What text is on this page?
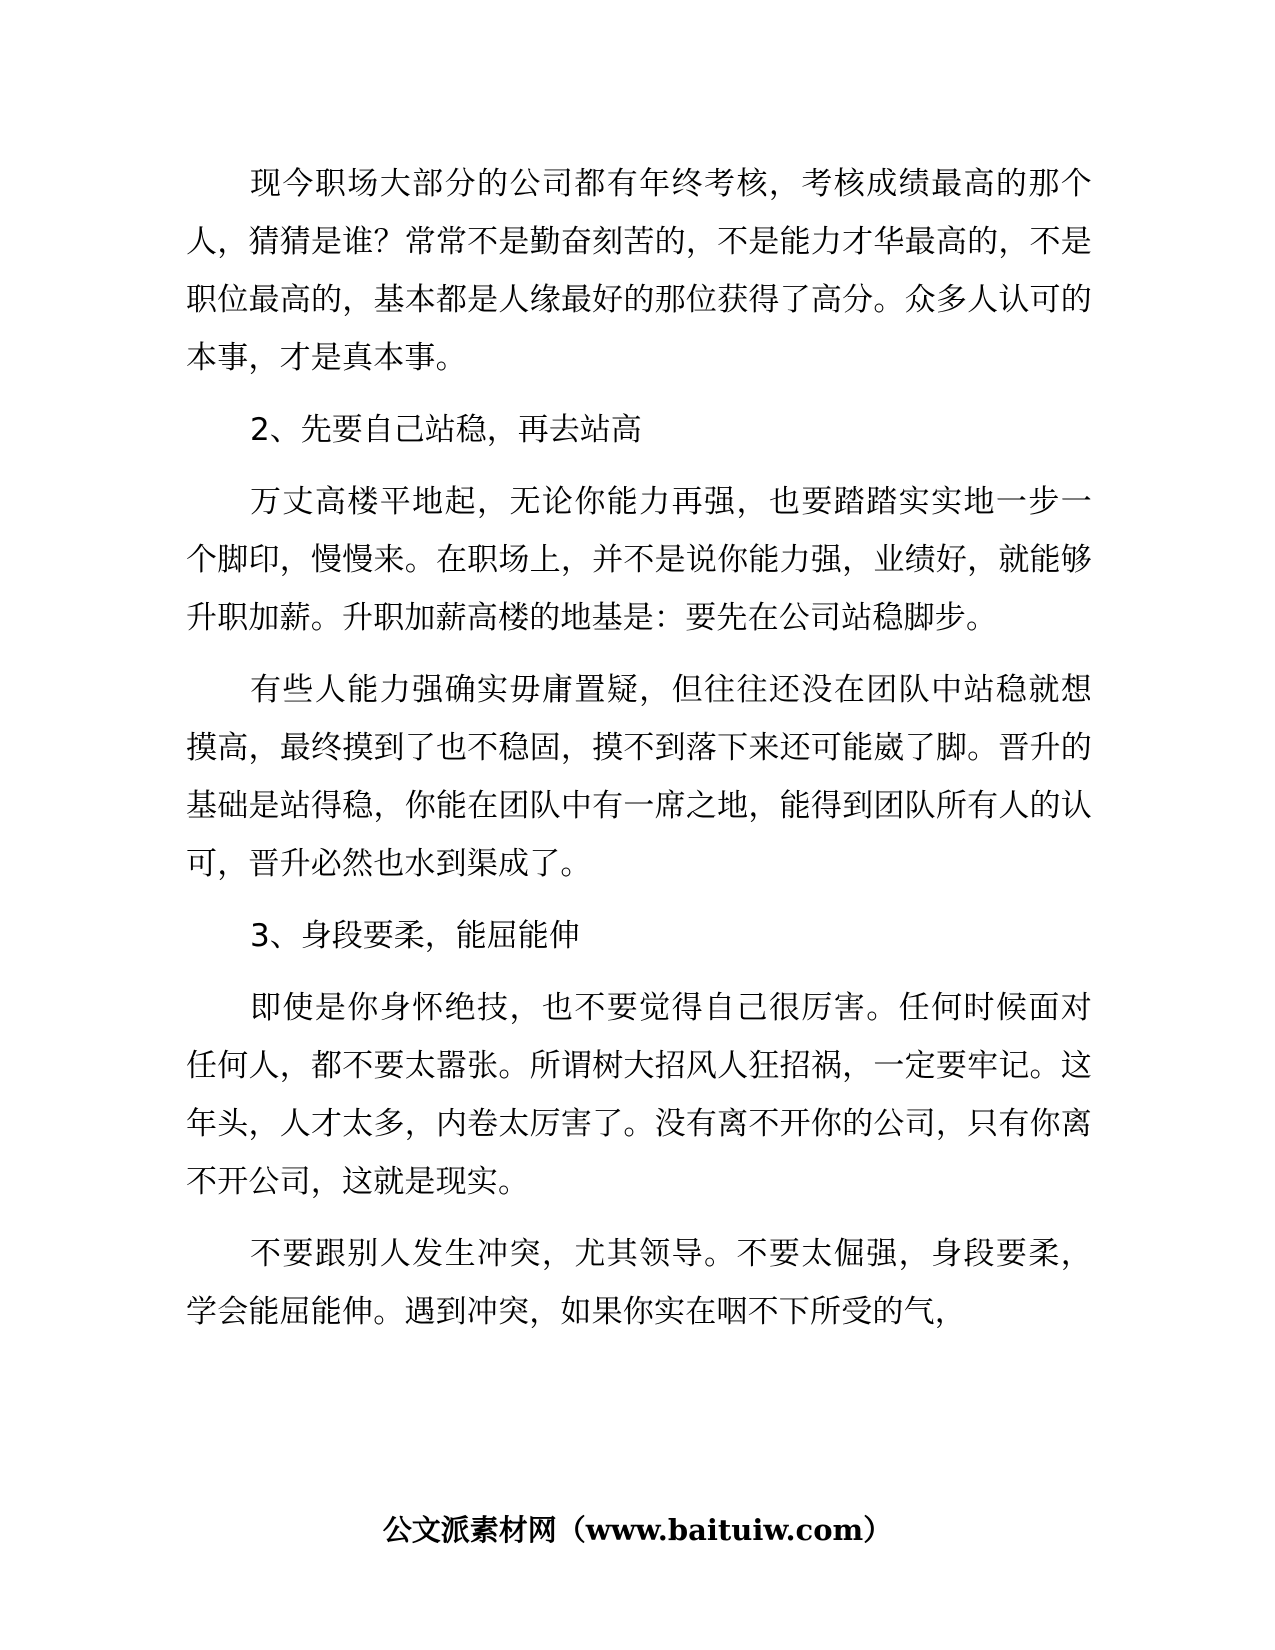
现今职场大部分的公司都有年终考核，考核成绩最高的那个人，猜猜是谁？常常不是勤奋刻苦的，不是能力才华最高的，不是职位最高的，基本都是人缘最好的那位获得了高分。众多人认可的本事，才是真本事。

2、先要自己站稳，再去站高

万丈高楼平地起，无论你能力再强，也要踏踏实实地一步一个脚印，慢慢来。在职场上，并不是说你能力强，业绩好，就能够升职加薪。升职加薪高楼的地基是：要先在公司站稳脚步。

有些人能力强确实毋庸置疑，但往往还没在团队中站稳就想摸高，最终摸到了也不稳固，摸不到落下来还可能崴了脚。晋升的基础是站得稳，你能在团队中有一席之地，能得到团队所有人的认可，晋升必然也水到渠成了。

3、身段要柔，能屈能伸

即使是你身怀绝技，也不要觉得自己很厉害。任何时候面对任何人，都不要太嚣张。所谓树大招风人狂招祸，一定要牢记。这年头，人才太多，内卷太厉害了。没有离不开你的公司，只有你离不开公司，这就是现实。

不要跟别人发生冲突，尤其领导。不要太倔强，身段要柔，学会能屈能伸。遇到冲突，如果你实在咽不下所受的气，

公文派素材网（www.baituiw.com）
